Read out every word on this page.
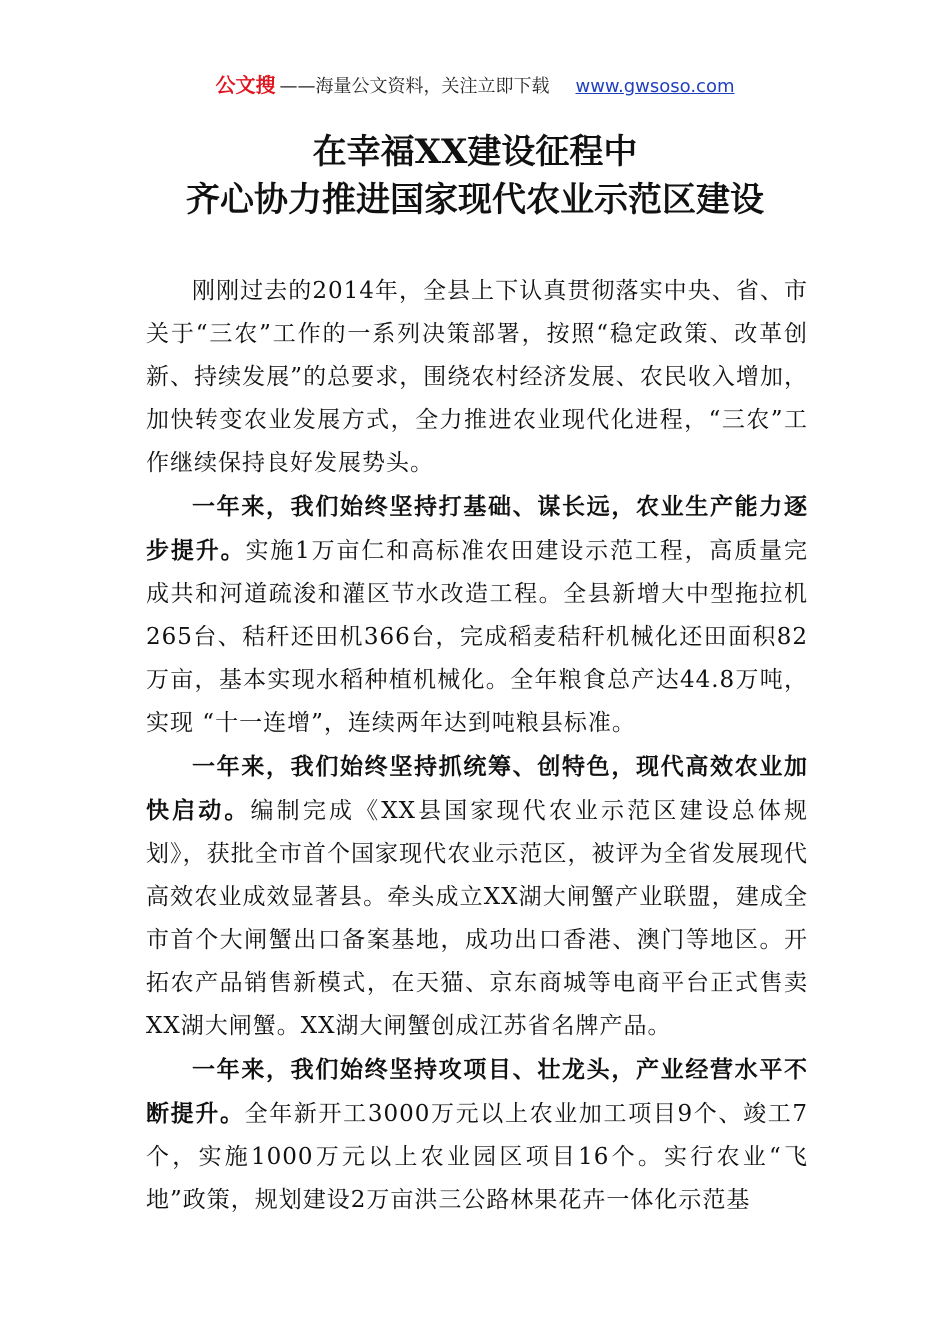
公文搜 ——海量公文资料，关注立即下载 www.gwsoso.com
在幸福XX建设征程中
齐心协力推进国家现代农业示范区建设

刚刚过去的2014年，全县上下认真贯彻落实中央、省、市关于“三农”工作的一系列决策部署，按照“稳定政策、改革创新、持续发展”的总要求，围绕农村经济发展、农民收入增加，加快转变农业发展方式，全力推进农业现代化进程，“三农”工作继续保持良好发展势头。

一年来，我们始终坚持打基础、谋长远，农业生产能力逐步提升。实施1万亩仁和高标准农田建设示范工程，高质量完成共和河道疏浚和灌区节水改造工程。全县新增大中型拖拉机265台、秸秆还田机366台，完成稻麦秸秆机械化还田面积82万亩，基本实现水稻种植机械化。全年粮食总产达44.8万吨，实现 “十一连增”，连续两年达到吨粮县标准。

一年来，我们始终坚持抓统筹、创特色，现代高效农业加快启动。编制完成《XX县国家现代农业示范区建设总体规划》，获批全市首个国家现代农业示范区，被评为全省发展现代高效农业成效显著县。牵头成立XX湖大闸蟹产业联盟，建成全市首个大闸蟹出口备案基地，成功出口香港、澳门等地区。开拓农产品销售新模式，在天猫、京东商城等电商平台正式售卖XX湖大闸蟹。XX湖大闸蟹创成江苏省名牌产品。

一年来，我们始终坚持攻项目、壮龙头，产业经营水平不断提升。全年新开工3000万元以上农业加工项目9个、竣工7个，实施1000万元以上农业园区项目16个。实行农业“飞地”政策，规划建设2万亩洪三公路林果花卉一体化示范基
